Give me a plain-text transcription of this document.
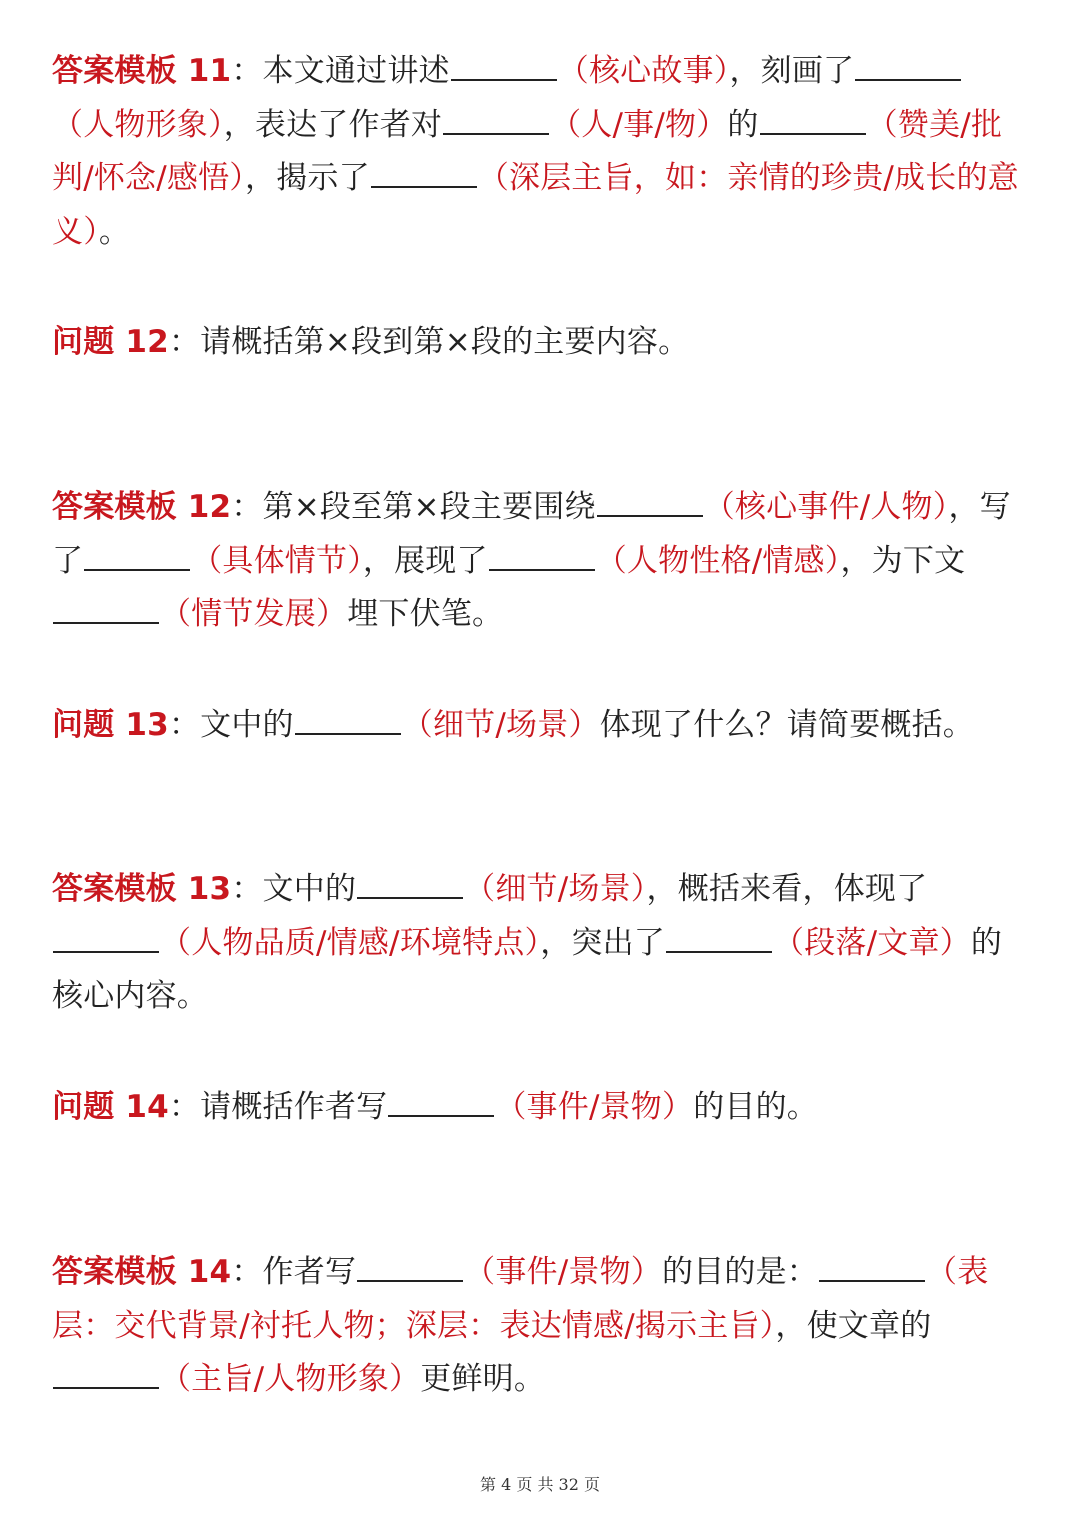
答案模板 11：本文通过讲述	（核心故事），刻画了（人物形象），表达了作者对	（人/事/物）的	（赞美/批判/怀念/感悟），揭示了	（深层主旨，如：亲情的珍贵/成长的意义）。

问题 12：请概括第×段到第×段的主要内容。

答案模板 12：第×段至第×段主要围绕	（核心事件/人物），写了	（具体情节），展现了	（人物性格/情感），为下文（情节发展）埋下伏笔。

问题 13：文中的	（细节/场景）体现了什么？请简要概括。

答案模板 13：文中的	（细节/场景），概括来看，体现了（人物品质/情感/环境特点），突出了	（段落/文章）的核心内容。

问题 14：请概括作者写	（事件/景物）的目的。

答案模板 14：作者写	（事件/景物）的目的是：	（表层：交代背景/衬托人物；深层：表达情感/揭示主旨），使文章的（主旨/人物形象）更鲜明。

第 4 页 共 32 页
